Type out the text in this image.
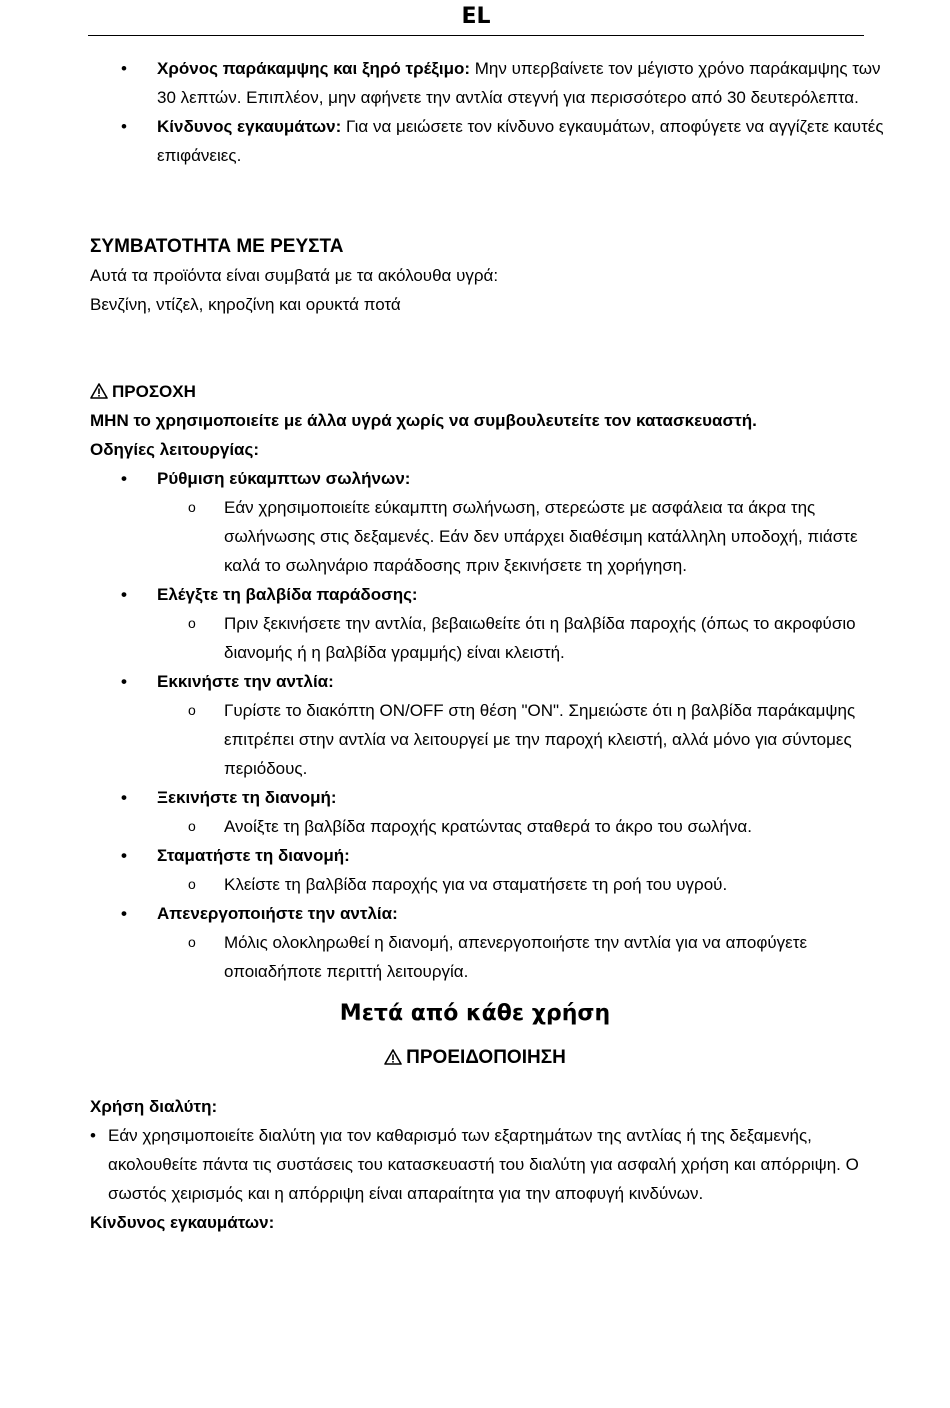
EL
• Χρόνος παράκαμψης και ξηρό τρέξιμο: Μην υπερβαίνετε τον μέγιστο χρόνο παράκαμψης των 30 λεπτών. Επιπλέον, μην αφήνετε την αντλία στεγνή για περισσότερο από 30 δευτερόλεπτα.
• Κίνδυνος εγκαυμάτων: Για να μειώσετε τον κίνδυνο εγκαυμάτων, αποφύγετε να αγγίζετε καυτές επιφάνειες.
ΣΥΜΒΑΤΟΤΗΤΑ ΜΕ ΡΕΥΣΤΑ
Αυτά τα προϊόντα είναι συμβατά με τα ακόλουθα υγρά:
Βενζίνη, ντίζελ, κηροζίνη και ορυκτά ποτά
ΠΡΟΣΟΧΗ
ΜΗΝ το χρησιμοποιείτε με άλλα υγρά χωρίς να συμβουλευτείτε τον κατασκευαστή.
Οδηγίες λειτουργίας:
• Ρύθμιση εύκαμπτων σωλήνων:
o Εάν χρησιμοποιείτε εύκαμπτη σωλήνωση, στερεώστε με ασφάλεια τα άκρα της σωλήνωσης στις δεξαμενές. Εάν δεν υπάρχει διαθέσιμη κατάλληλη υποδοχή, πιάστε καλά το σωληνάριο παράδοσης πριν ξεκινήσετε τη χορήγηση.
• Ελέγξτε τη βαλβίδα παράδοσης:
o Πριν ξεκινήσετε την αντλία, βεβαιωθείτε ότι η βαλβίδα παροχής (όπως το ακροφύσιο διανομής ή η βαλβίδα γραμμής) είναι κλειστή.
• Εκκινήστε την αντλία:
o Γυρίστε το διακόπτη ON/OFF στη θέση "ON". Σημειώστε ότι η βαλβίδα παράκαμψης επιτρέπει στην αντλία να λειτουργεί με την παροχή κλειστή, αλλά μόνο για σύντομες περιόδους.
• Ξεκινήστε τη διανομή:
o Ανοίξτε τη βαλβίδα παροχής κρατώντας σταθερά το άκρο του σωλήνα.
• Σταματήστε τη διανομή:
o Κλείστε τη βαλβίδα παροχής για να σταματήσετε τη ροή του υγρού.
• Απενεργοποιήστε την αντλία:
o Μόλις ολοκληρωθεί η διανομή, απενεργοποιήστε την αντλία για να αποφύγετε οποιαδήποτε περιττή λειτουργία.
Μετά από κάθε χρήση
ΠΡΟΕΙΔΟΠΟΙΗΣΗ
Χρήση διαλύτη:
• Εάν χρησιμοποιείτε διαλύτη για τον καθαρισμό των εξαρτημάτων της αντλίας ή της δεξαμενής, ακολουθείτε πάντα τις συστάσεις του κατασκευαστή του διαλύτη για ασφαλή χρήση και απόρριψη. Ο σωστός χειρισμός και η απόρριψη είναι απαραίτητα για την αποφυγή κινδύνων.
Κίνδυνος εγκαυμάτων:
